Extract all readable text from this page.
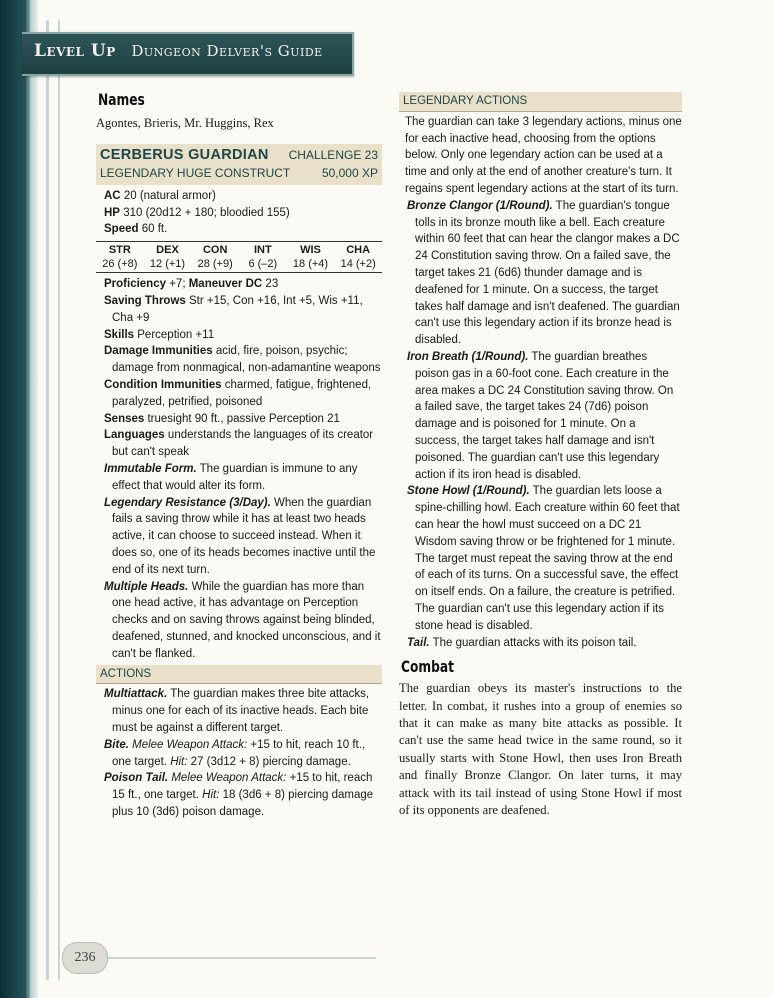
Level Up Dungeon Delver's Guide
236
Names

Agontes, Brieris, Mr. Huggins, Rex

CERBERUS GUARDIAN CHALLENGE 23
LEGENDARY HUGE CONSTRUCT	50,000 XP

AC 20 (natural armor)

HP 310 (20d12 + 180; bloodied 155)

Speed 60 ft.

STR
26 (+8)
DEX
12 (+1)
CON
28 (+9)
INT
6 (–2)
WIS
18 (+4)
CHA
14 (+2)

Proficiency +7; Maneuver DC 23

Saving Throws Str +15, Con +16, Int +5, Wis +11, Cha +9

Skills Perception +11

Damage Immunities acid, fire, poison, psychic; damage from nonmagical, non-adamantine weapons

Condition Immunities charmed, fatigue, frightened, paralyzed, petrified, poisoned

Senses truesight 90 ft., passive Perception 21

Languages understands the languages of its creator but can't speak

Immutable Form. The guardian is immune to any effect that would alter its form.

Legendary Resistance (3/Day). When the guardian fails a saving throw while it has at least two heads active, it can choose to succeed instead. When it does so, one of its heads becomes inactive until the end of its next turn.

Multiple Heads. While the guardian has more than one head active, it has advantage on Perception checks and on saving throws against being blinded, deafened, stunned, and knocked unconscious, and it can't be flanked.

ACTIONS

Multiattack. The guardian makes three bite attacks, minus one for each of its inactive heads. Each bite must be against a different target.

Bite. Melee Weapon Attack: +15 to hit, reach 10 ft., one target. Hit: 27 (3d12 + 8) piercing damage.

Poison Tail. Melee Weapon Attack: +15 to hit, reach 15 ft., one target. Hit: 18 (3d6 + 8) piercing damage plus 10 (3d6) poison damage.

LEGENDARY ACTIONS

The guardian can take 3 legendary actions, minus one for each inactive head, choosing from the options below. Only one legendary action can be used at a time and only at the end of another creature's turn. It regains spent legendary actions at the start of its turn.

Bronze Clangor (1/Round). The guardian's tongue tolls in its bronze mouth like a bell. Each creature within 60 feet that can hear the clangor makes a DC 24 Constitution saving throw. On a failed save, the target takes 21 (6d6) thunder damage and is deafened for 1 minute. On a success, the target takes half damage and isn't deafened. The guardian can't use this legendary action if its bronze head is disabled.

Iron Breath (1/Round). The guardian breathes poison gas in a 60-foot cone. Each creature in the area makes a DC 24 Constitution saving throw. On a failed save, the target takes 24 (7d6) poison damage and is poisoned for 1 minute. On a success, the target takes half damage and isn't poisoned. The guardian can't use this legendary action if its iron head is disabled.

Stone Howl (1/Round). The guardian lets loose a spine-chilling howl. Each creature within 60 feet that can hear the howl must succeed on a DC 21 Wisdom saving throw or be frightened for 1 minute. The target must repeat the saving throw at the end of each of its turns. On a successful save, the effect on itself ends. On a failure, the creature is petrified. The guardian can't use this legendary action if its stone head is disabled.

Tail. The guardian attacks with its poison tail.

Combat

The guardian obeys its master's instructions to the letter. In combat, it rushes into a group of enemies so that it can make as many bite attacks as possible. It can't use the same head twice in the same round, so it usually starts with Stone Howl, then uses Iron Breath and finally Bronze Clangor. On later turns, it may attack with its tail instead of using Stone Howl if most of its opponents are deafened.
